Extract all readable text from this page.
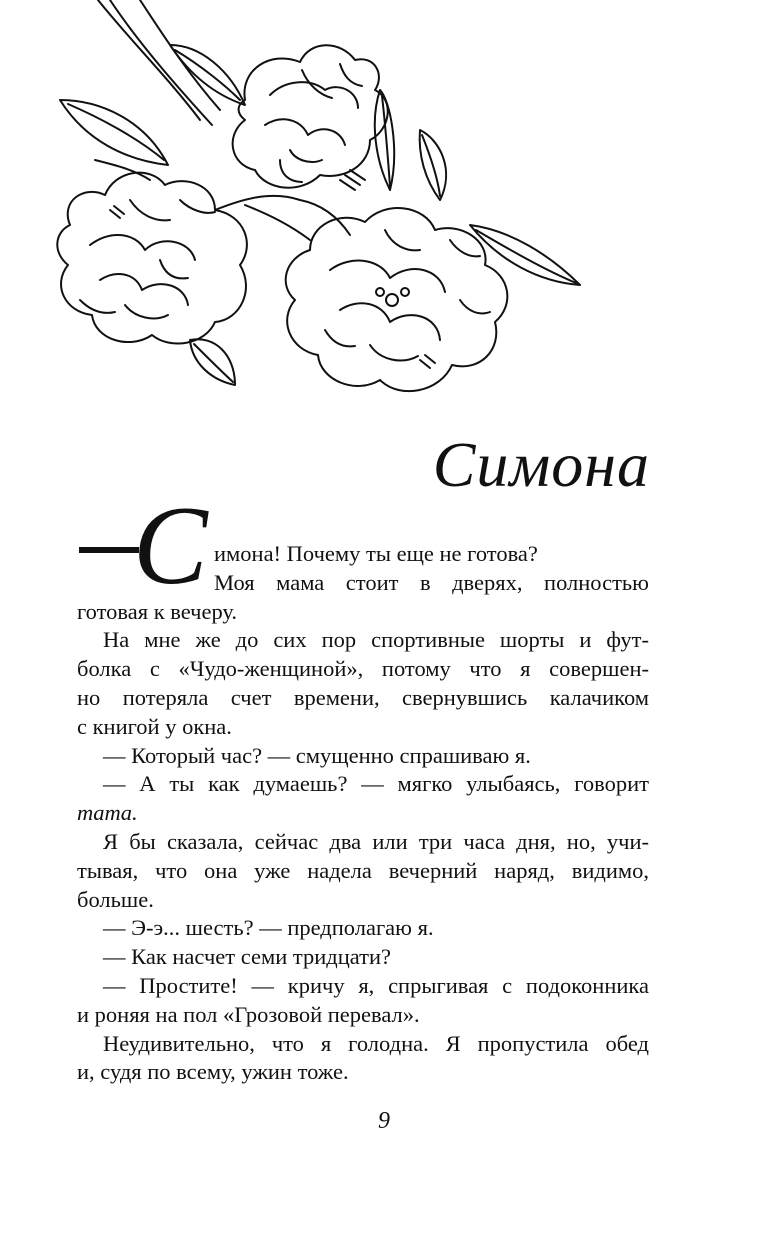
Симона
С имона! Почему ты еще не готова?
Моя мама стоит в дверях, полностью
готовая к вечеру.
На мне же до сих пор спортивные шорты и фут-
болка с «Чудо-женщиной», потому что я совершен-
но потеряла счет времени, свернувшись калачиком
с книгой у окна.
— Который час? — смущенно спрашиваю я.
— А ты как думаешь? — мягко улыбаясь, говорит
mama.
Я бы сказала, сейчас два или три часа дня, но, учи-
тывая, что она уже надела вечерний наряд, видимо,
больше.
— Э-э... шесть? — предполагаю я.
— Как насчет семи тридцати?
— Простите! — кричу я, спрыгивая с подоконника
и роняя на пол «Грозовой перевал».
Неудивительно, что я голодна. Я пропустила обед
и, судя по всему, ужин тоже.
9
